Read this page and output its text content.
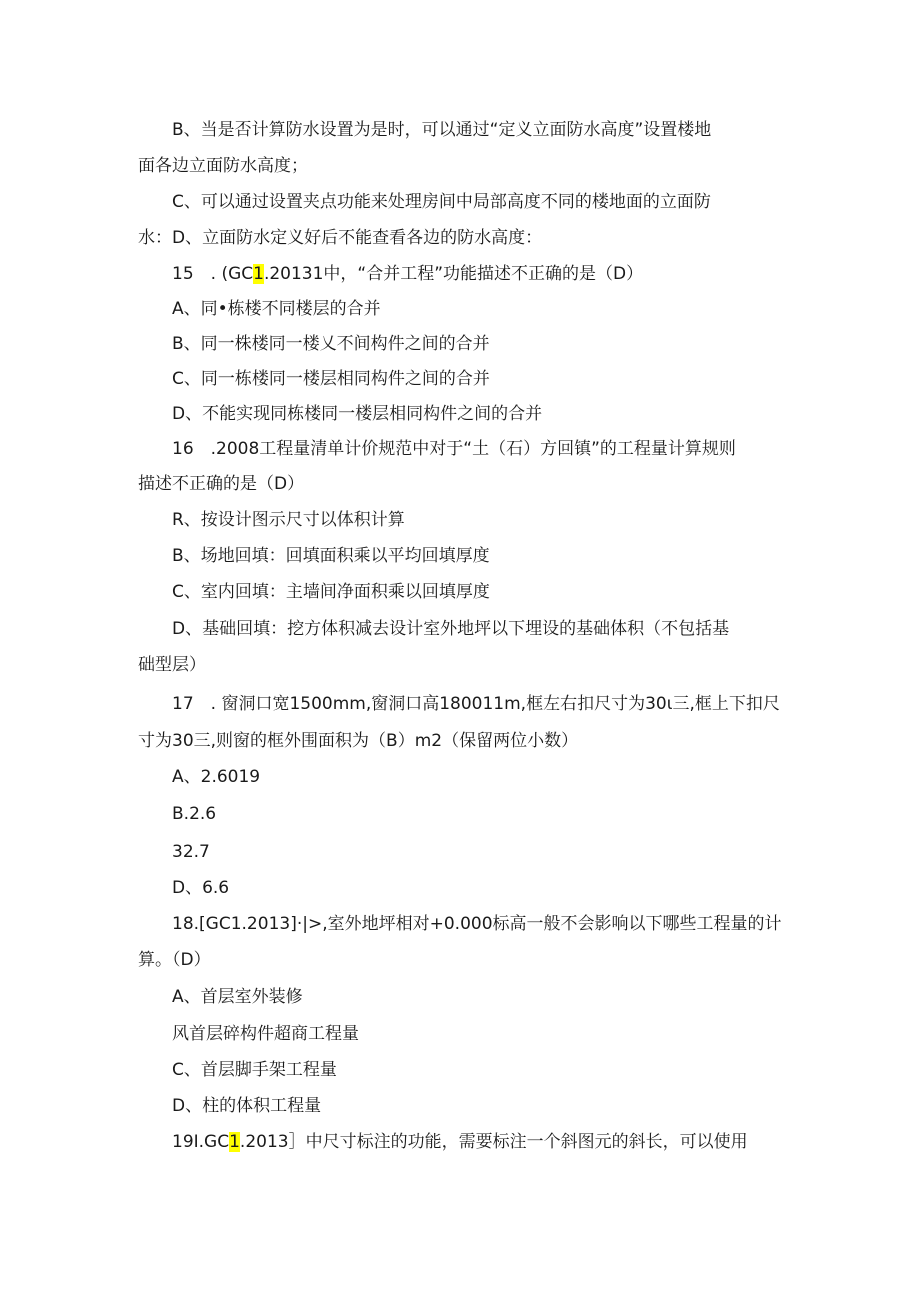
B、当是否计算防水设置为是时，可以通过“定义立面防水高度”设置楼地
面各边立面防水高度；
C、可以通过设置夹点功能来处理房间中局部高度不同的楼地面的立面防
水：D、立面防水定义好后不能查看各边的防水高度：
15　. (GC1.20131中，“合并工程”功能描述不正确的是（D）
A、同•栋楼不同楼层的合并
B、同一株楼同一楼乂不间构件之间的合并
C、同一栋楼同一楼层相同构件之间的合并
D、不能实现同栋楼同一楼层相同构件之间的合并
16　.2008工程量清单计价规范中对于“土（石）方回镇”的工程量计算规则
描述不正确的是（D）
R、按设计图示尺寸以体积计算
B、场地回填：回填面积乘以平均回填厚度
C、室内回填：主墙间净面积乘以回填厚度
D、基础回填：挖方体积减去设计室外地坪以下埋设的基础体积（不包括基
础型层）
17　. 窗洞口宽1500mm,窗洞口高180011m,框左右扣尺寸为30ι三,框上下扣尺
寸为30三,则窗的框外围面积为（B）m2（保留两位小数）
A、2.6019
B.2.6
32.7
D、6.6
18.[GC1.2013]·|>,室外地坪相对+0.000标高一般不会影响以下哪些工程量的计
算。（D）
A、首层室外装修
风首层碎构件超商工程量
C、首层脚手架工程量
D、柱的体积工程量
19I.GC1.2013］中尺寸标注的功能，需要标注一个斜图元的斜长，可以使用
